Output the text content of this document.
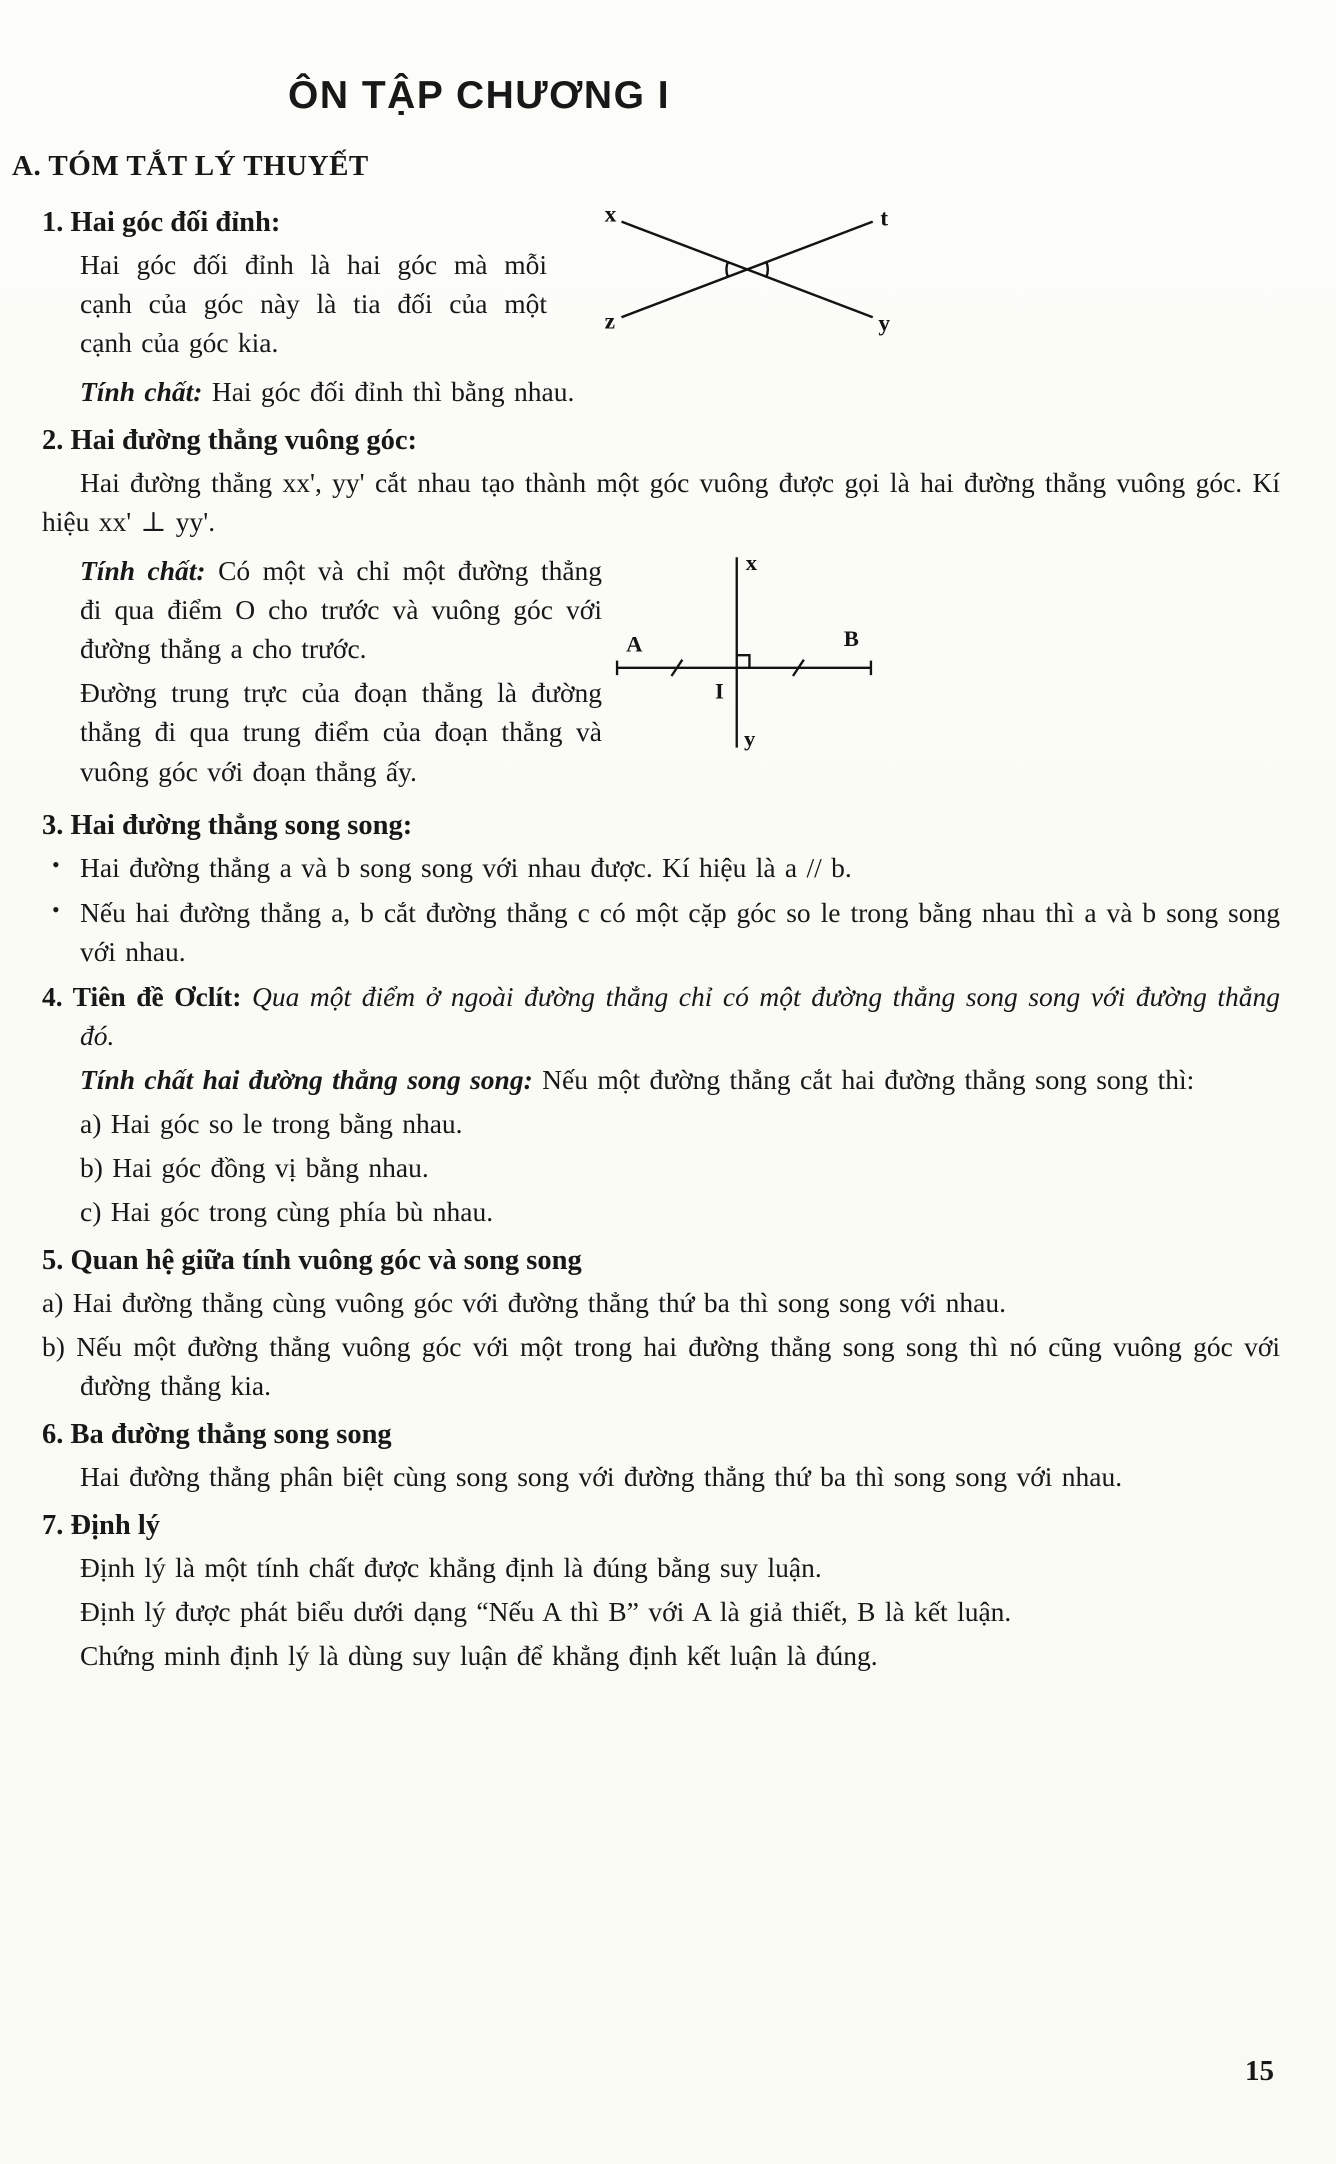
ÔN TẬP CHƯƠNG I
A. TÓM TẮT LÝ THUYẾT
1. Hai góc đối đỉnh:

Hai góc đối đỉnh là hai góc mà mỗi cạnh của góc này là tia đối của một cạnh của góc kia.

x	t
z	y

Tính chất: Hai góc đối đỉnh thì bằng nhau.

2. Hai đường thẳng vuông góc:

Hai đường thẳng xx', yy' cắt nhau tạo thành một góc vuông được gọi là hai đường thẳng vuông góc. Kí hiệu xx' ⊥ yy'.

Tính chất: Có một và chỉ một đường thẳng đi qua điểm O cho trước và vuông góc với đường thẳng a cho trước.

Đường trung trực của đoạn thẳng là đường thẳng đi qua trung điểm của đoạn thẳng và vuông góc với đoạn thẳng ấy.

x
A	B
I
y
3. Hai đường thẳng song song:
• Hai đường thẳng a và b song song với nhau được. Kí hiệu là a // b.
• Nếu hai đường thẳng a, b cắt đường thẳng c có một cặp góc so le trong bằng nhau thì a và b song song với nhau.

4. Tiên đề Ơclít: Qua một điểm ở ngoài đường thẳng chỉ có một đường thẳng song song với đường thẳng đó.

Tính chất hai đường thẳng song song: Nếu một đường thẳng cắt hai đường thẳng song song thì:

a) Hai góc so le trong bằng nhau.

b) Hai góc đồng vị bằng nhau.

c) Hai góc trong cùng phía bù nhau.

5. Quan hệ giữa tính vuông góc và song song

a) Hai đường thẳng cùng vuông góc với đường thẳng thứ ba thì song song với nhau.

b) Nếu một đường thẳng vuông góc với một trong hai đường thẳng song song thì nó cũng vuông góc với đường thẳng kia.

6. Ba đường thẳng song song

Hai đường thẳng phân biệt cùng song song với đường thẳng thứ ba thì song song với nhau.

7. Định lý

Định lý là một tính chất được khẳng định là đúng bằng suy luận.

Định lý được phát biểu dưới dạng “Nếu A thì B” với A là giả thiết, B là kết luận.

Chứng minh định lý là dùng suy luận để khẳng định kết luận là đúng.

15
